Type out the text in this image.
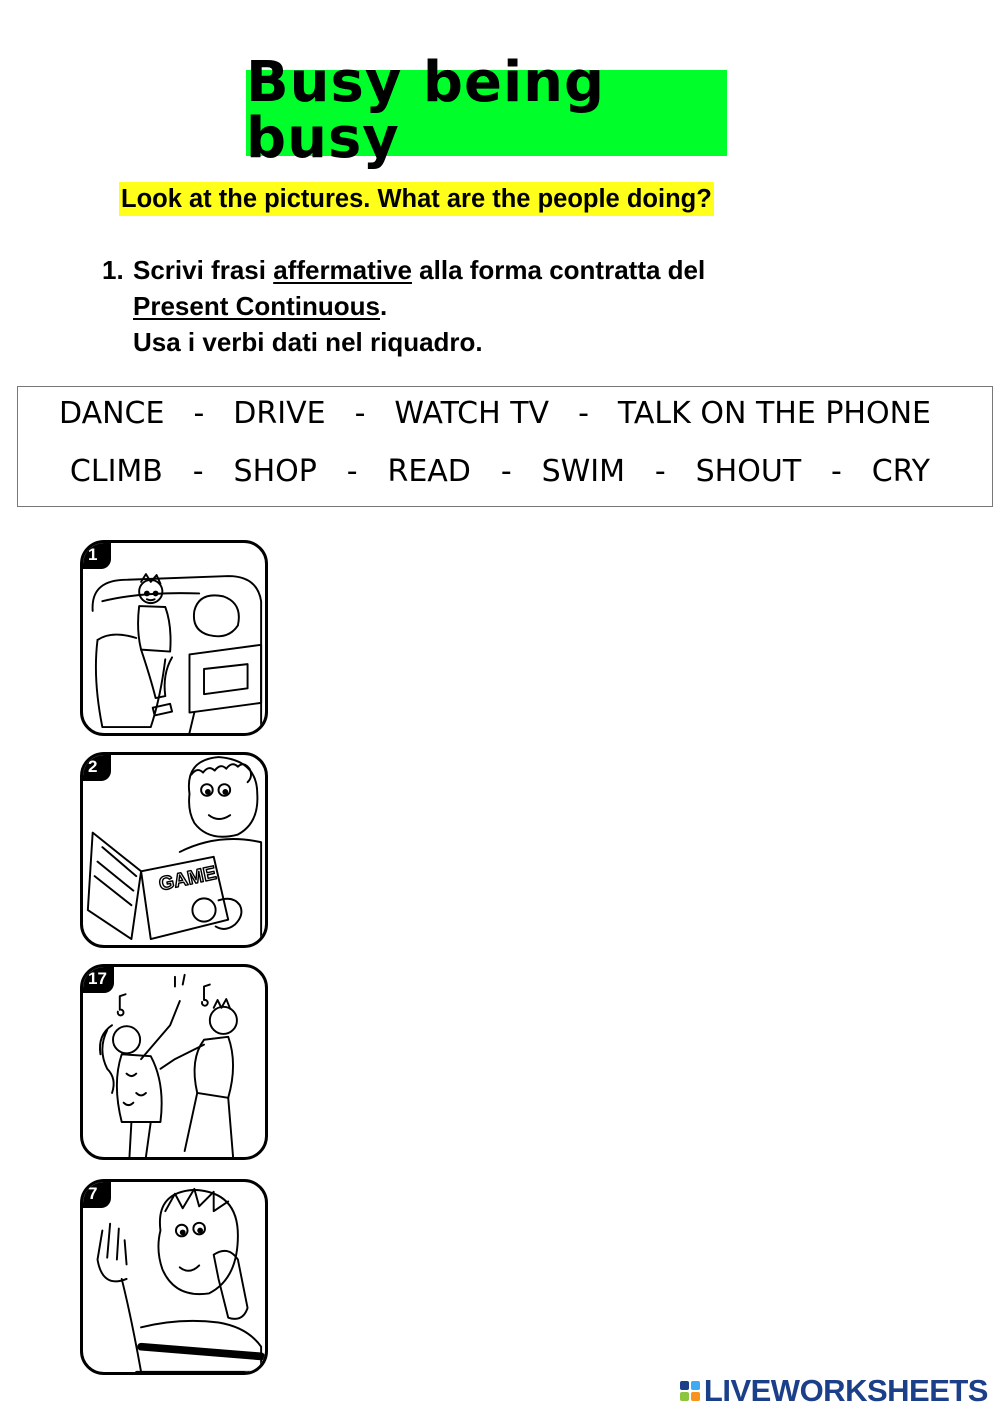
Busy being busy
Look at the pictures. What are the people doing?
1. Scrivi frasi affermative alla forma contratta del
Present Continuous.
Usa i verbi dati nel riquadro.
DANCE - DRIVE - WATCH TV - TALK ON THE PHONE
CLIMB - SHOP - READ - SWIM - SHOUT - CRY
1
2
GAME
17
7
LIVEWORKSHEETS
